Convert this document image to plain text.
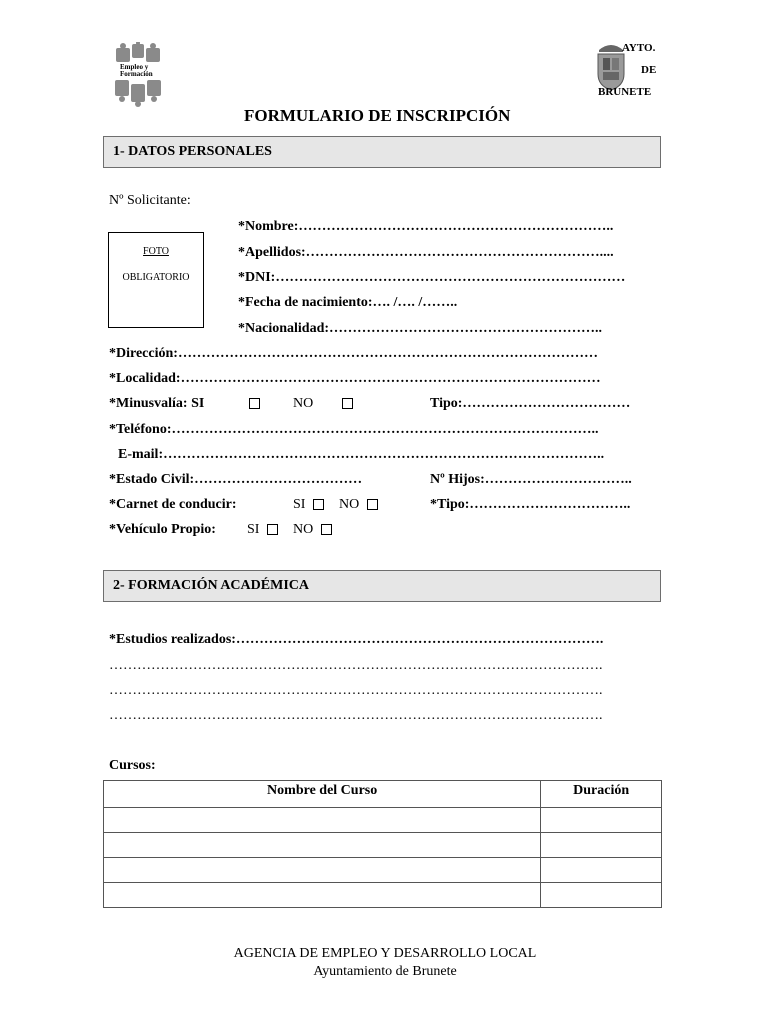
Empleo y
Formación
AYTO.
DE
BRUNETE
FORMULARIO DE INSCRIPCIÓN
1- DATOS PERSONALES
Nº Solicitante:
FOTO
OBLIGATORIO
*Nombre:…………………………………………………………..
*Apellidos:………………………………………………………....
*DNI:…………………………………………………………………
*Fecha de nacimiento:…. /…. /……..
*Nacionalidad:…………………………………………………..
*Dirección:………………………………………………………………………………
*Localidad:………………………………………………………………………………
*Minusvalía: SI	NO	Tipo:………………………………
*Teléfono:………………………………………………………………………………..
E-mail:…………………………………………………………………………………..
*Estado Civil:………………………………	Nº Hijos:…………………………..
*Carnet de conducir:	SI NO	*Tipo:……………………………..
*Vehículo Propio: SI NO
2- FORMACIÓN ACADÉMICA
*Estudios realizados:…………………………………………………………………….
…………………………………………………………………………………………….
…………………………………………………………………………………………….
…………………………………………………………………………………………….
Cursos:
Nombre del Curso	Duración

AGENCIA DE EMPLEO Y DESARROLLO LOCAL
Ayuntamiento de Brunete
